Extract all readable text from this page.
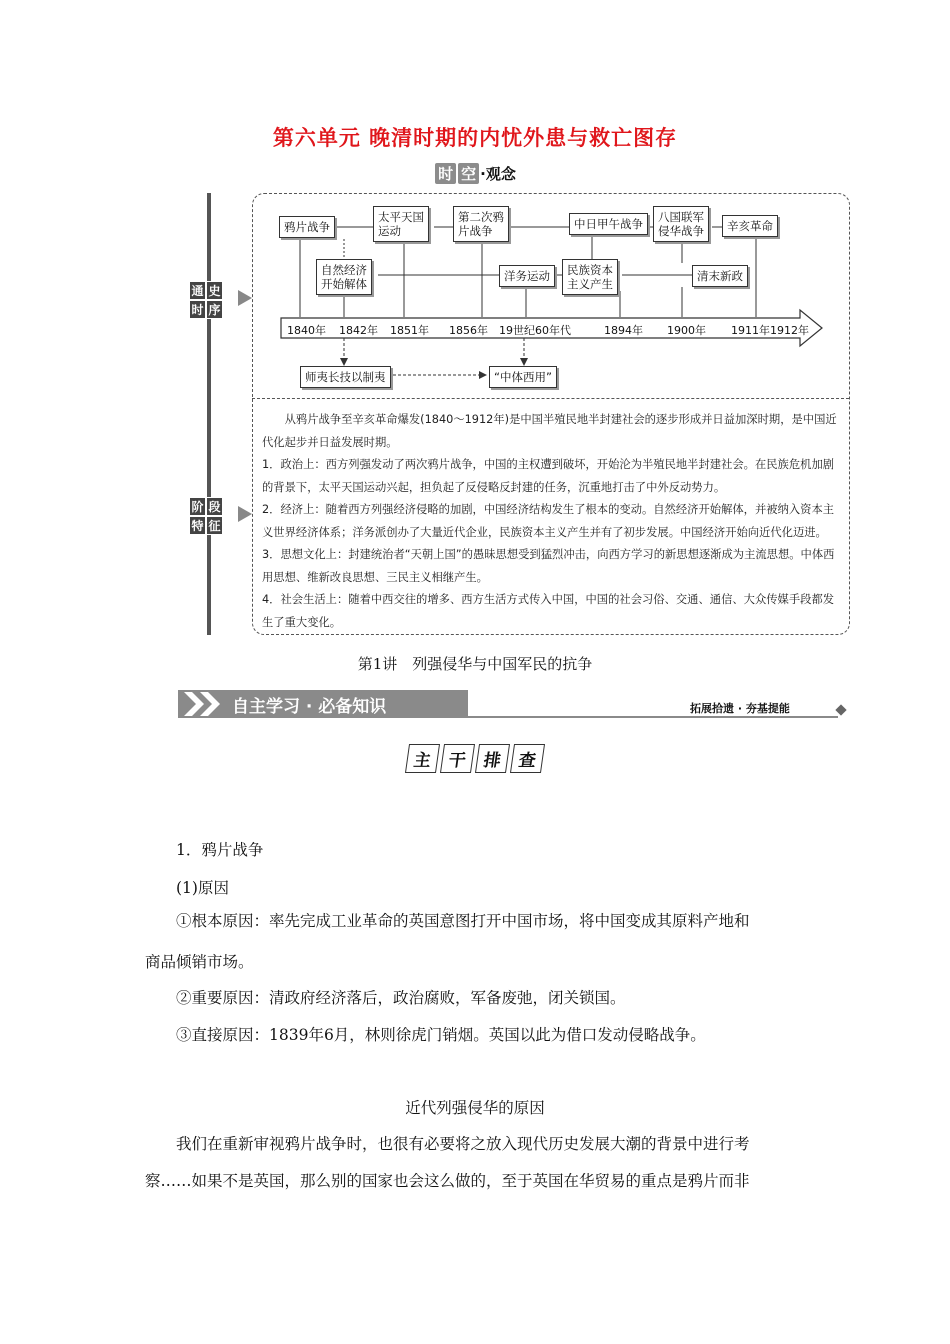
第六单元 晚清时期的内忧外患与救亡图存
时 空 ·观念
通 史
时 序
阶 段
特 征
鸦片战争
太平天国
运动
第二次鸦
片战争	中日甲午战争	八国联军
侵华战争	辛亥革命
自然经济
开始解体
洋务运动	民族资本
主义产生
清末新政
1840年 1842年 1851年 1856年 19世纪60年代	1894年 1900年 1911年 1912年
师夷长技以制夷	“中体西用”

　　从鸦片战争至辛亥革命爆发(1840～1912年)是中国半殖民地半封建社会的逐步形成并日益加深时期，是中国近代化起步并日益发展时期。

1．政治上：西方列强发动了两次鸦片战争，中国的主权遭到破坏，开始沦为半殖民地半封建社会。在民族危机加剧的背景下，太平天国运动兴起，担负起了反侵略反封建的任务，沉重地打击了中外反动势力。

2．经济上：随着西方列强经济侵略的加剧，中国经济结构发生了根本的变动。自然经济开始解体，并被纳入资本主义世界经济体系；洋务派创办了大量近代企业，民族资本主义产生并有了初步发展。中国经济开始向近代化迈进。

3．思想文化上：封建统治者“天朝上国”的愚昧思想受到猛烈冲击，向西方学习的新思想逐渐成为主流思想。中体西用思想、维新改良思想、三民主义相继产生。

4．社会生活上：随着中西交往的增多、西方生活方式传入中国，中国的社会习俗、交通、通信、大众传媒手段都发生了重大变化。

第1讲　列强侵华与中国军民的抗争
自主学习 · 必备知识	拓展拾遗 · 夯基提能
主 干 排 查
1．鸦片战争
(1)原因
①根本原因：率先完成工业革命的英国意图打开中国市场，将中国变成其原料产地和
商品倾销市场。
②重要原因：清政府经济落后，政治腐败，军备废弛，闭关锁国。
③直接原因：1839年6月，林则徐虎门销烟。英国以此为借口发动侵略战争。
近代列强侵华的原因
我们在重新审视鸦片战争时，也很有必要将之放入现代历史发展大潮的背景中进行考
察……如果不是英国，那么别的国家也会这么做的，至于英国在华贸易的重点是鸦片而非
